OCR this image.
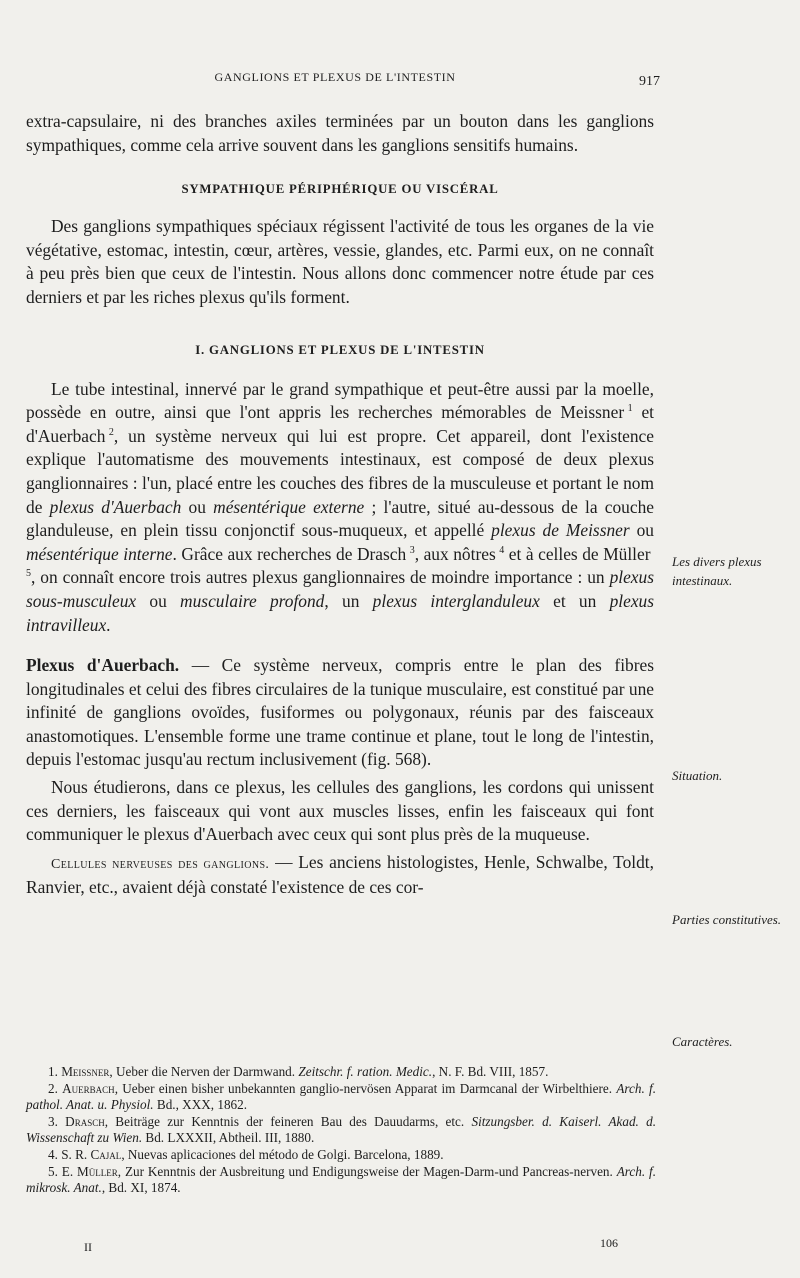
GANGLIONS ET PLEXUS DE L'INTESTIN	917

extra-capsulaire, ni des branches axiles terminées par un bouton dans les ganglions sympathiques, comme cela arrive souvent dans les ganglions sensitifs humains.

SYMPATHIQUE PÉRIPHÉRIQUE OU VISCÉRAL

Des ganglions sympathiques spéciaux régissent l'activité de tous les organes de la vie végétative, estomac, intestin, cœur, artères, vessie, glandes, etc. Parmi eux, on ne connaît à peu près bien que ceux de l'intestin. Nous allons donc commencer notre étude par ces derniers et par les riches plexus qu'ils forment.

I. GANGLIONS ET PLEXUS DE L'INTESTIN

Le tube intestinal, innervé par le grand sympathique et peut-être aussi par la moelle, possède en outre, ainsi que l'ont appris les recherches mémorables de Meissner  $^1$ et d'Auerbach  $^2$, un système nerveux qui lui est propre. Cet appareil, dont l'existence explique l'automatisme des mouvements intestinaux, est composé de deux plexus ganglionnaires : l'un, placé entre les couches des fibres de la musculeuse et portant le nom de plexus d'Auerbach ou mésentérique externe ; l'autre, situé au-dessous de la couche glanduleuse, en plein tissu conjonctif sous-muqueux, et appellé plexus de Meissner ou mésentérique interne. Grâce aux recherches de Drasch  $^3$, aux nôtres  $^4$ et à celles de Müller $^5$, on connaît encore trois autres plexus ganglionnaires de moindre importance : un plexus sous-musculeux ou musculaire profond, un plexus interglanduleux et un plexus intravilleux.

Plexus d'Auerbach. — Ce système nerveux, compris entre le plan des fibres longitudinales et celui des fibres circulaires de la tunique musculaire, est constitué par une infinité de ganglions ovoïdes, fusiformes ou polygonaux, réunis par des faisceaux anastomotiques. L'ensemble forme une trame continue et plane, tout le long de l'intestin, depuis l'estomac jusqu'au rectum inclusivement (fig. 568).

Nous étudierons, dans ce plexus, les cellules des ganglions, les cordons qui unissent ces derniers, les faisceaux qui vont aux muscles lisses, enfin les faisceaux qui font communiquer le plexus d'Auerbach avec ceux qui sont plus près de la muqueuse.

Cellules nerveuses des ganglions. — Les anciens histologistes, Henle, Schwalbe, Toldt, Ranvier, etc., avaient déjà constaté l'existence de ces cor-

Les divers plexus intestinaux.
Situation.
Parties constitutives.
Caractères.

1. Meissner, Ueber die Nerven der Darmwand. Zeitschr. f. ration. Medic., N. F. Bd. VIII, 1857.

2. Auerbach, Ueber einen bisher unbekannten ganglio-nervösen Apparat im Darmcanal der Wirbelthiere. Arch. f. pathol. Anat. u. Physiol. Bd., XXX, 1862.

3. Drasch, Beiträge zur Kenntnis der feineren Bau des Dauudarms, etc. Sitzungsber. d. Kaiserl. Akad. d. Wissenschaft zu Wien. Bd. LXXXII, Abtheil. III, 1880.

4. S. R. Cajal, Nuevas aplicaciones del método de Golgi. Barcelona, 1889.

5. E. Müller, Zur Kenntnis der Ausbreitung und Endigungsweise der Magen-Darm-und Pancreas-nerven. Arch. f. mikrosk. Anat., Bd. XI, 1874.

II	106
